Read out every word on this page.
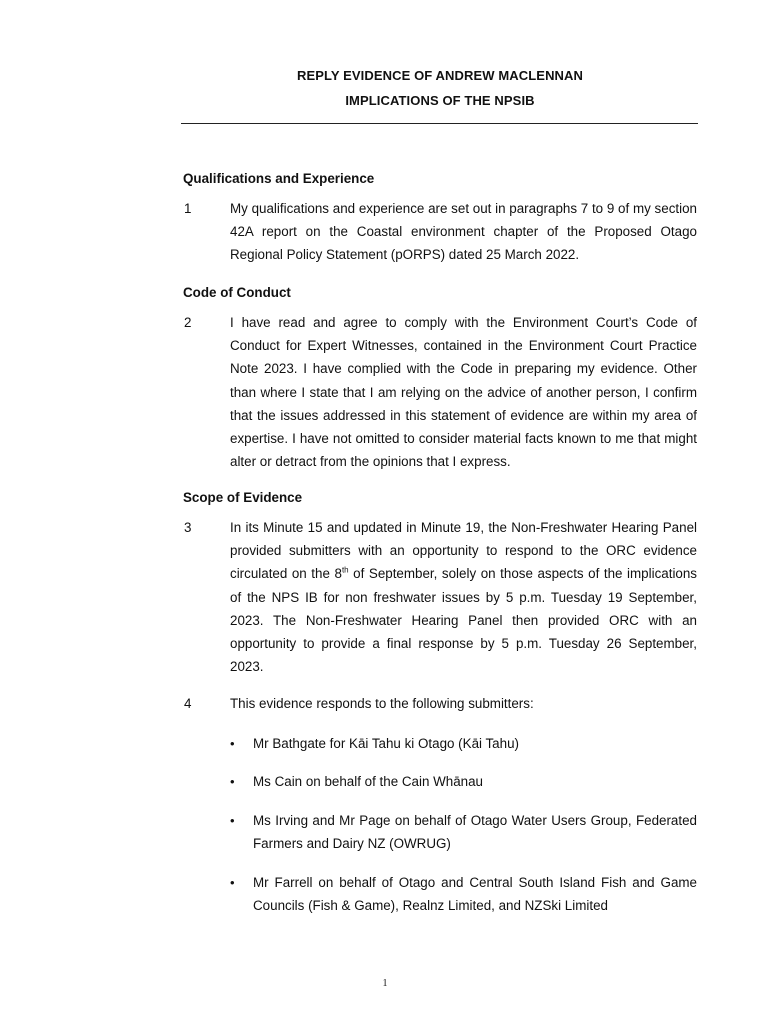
REPLY EVIDENCE OF ANDREW MACLENNAN
IMPLICATIONS OF THE NPSIB
Qualifications and Experience
1	My qualifications and experience are set out in paragraphs 7 to 9 of my section 42A report on the Coastal environment chapter of the Proposed Otago Regional Policy Statement (pORPS) dated 25 March 2022.
Code of Conduct
2	I have read and agree to comply with the Environment Court’s Code of Conduct for Expert Witnesses, contained in the Environment Court Practice Note 2023. I have complied with the Code in preparing my evidence. Other than where I state that I am relying on the advice of another person, I confirm that the issues addressed in this statement of evidence are within my area of expertise. I have not omitted to consider material facts known to me that might alter or detract from the opinions that I express.
Scope of Evidence
3	In its Minute 15 and updated in Minute 19, the Non-Freshwater Hearing Panel provided submitters with an opportunity to respond to the ORC evidence circulated on the 8th of September, solely on those aspects of the implications of the NPS IB for non freshwater issues by 5 p.m. Tuesday 19 September, 2023. The Non-Freshwater Hearing Panel then provided ORC with an opportunity to provide a final response by 5 p.m. Tuesday 26 September, 2023.
4	This evidence responds to the following submitters:
• Mr Bathgate for Kāi Tahu ki Otago (Kāi Tahu)
• Ms Cain on behalf of the Cain Whānau
• Ms Irving and Mr Page on behalf of Otago Water Users Group, Federated Farmers and Dairy NZ (OWRUG)
• Mr Farrell on behalf of Otago and Central South Island Fish and Game Councils (Fish & Game), Realnz Limited, and NZSki Limited
1
